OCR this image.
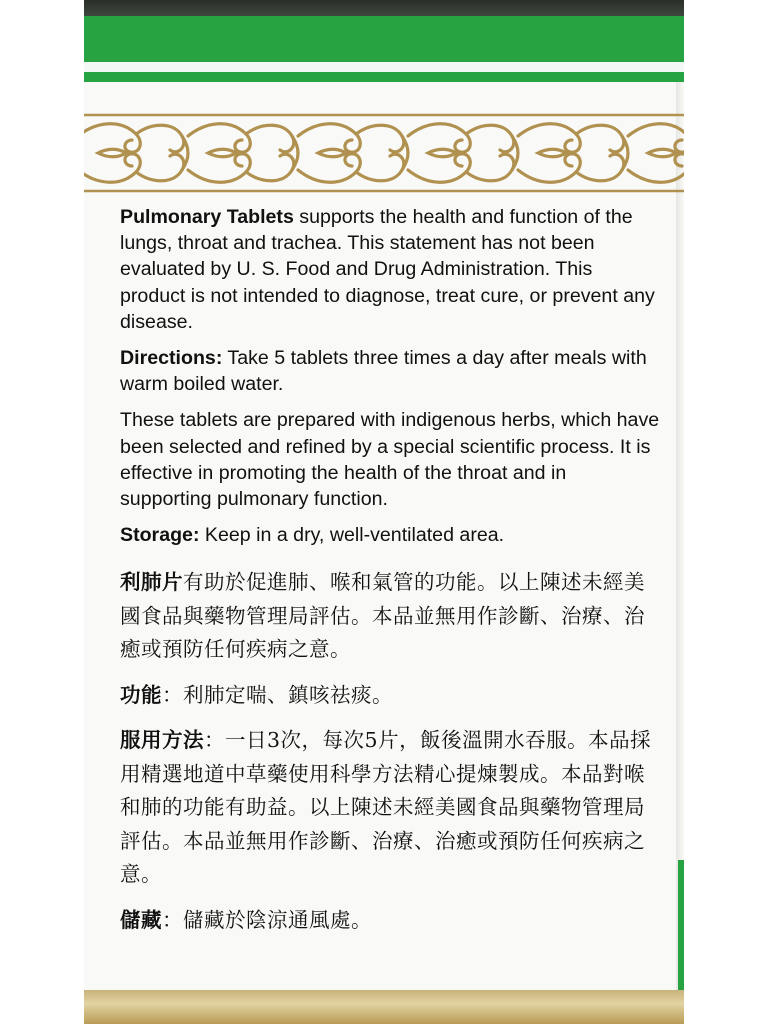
Pulmonary Tablets supports the health and function of the lungs, throat and trachea. This statement has not been evaluated by U. S. Food and Drug Administration. This product is not intended to diagnose, treat cure, or prevent any disease.

Directions: Take 5 tablets three times a day after meals with warm boiled water.

These tablets are prepared with indigenous herbs, which have been selected and refined by a special scientific process. It is effective in promoting the health of the throat and in supporting pulmonary function.

Storage: Keep in a dry, well-ventilated area.

利肺片有助於促進肺、喉和氣管的功能。以上陳述未經美國食品與藥物管理局評估。本品並無用作診斷、治療、治癒或預防任何疾病之意。

功能：利肺定喘、鎮咳祛痰。

服用方法：一日3次，每次5片，飯後溫開水吞服。本品採用精選地道中草藥使用科學方法精心提煉製成。本品對喉和肺的功能有助益。以上陳述未經美國食品與藥物管理局評估。本品並無用作診斷、治療、治癒或預防任何疾病之意。

儲藏：儲藏於陰涼通風處。
